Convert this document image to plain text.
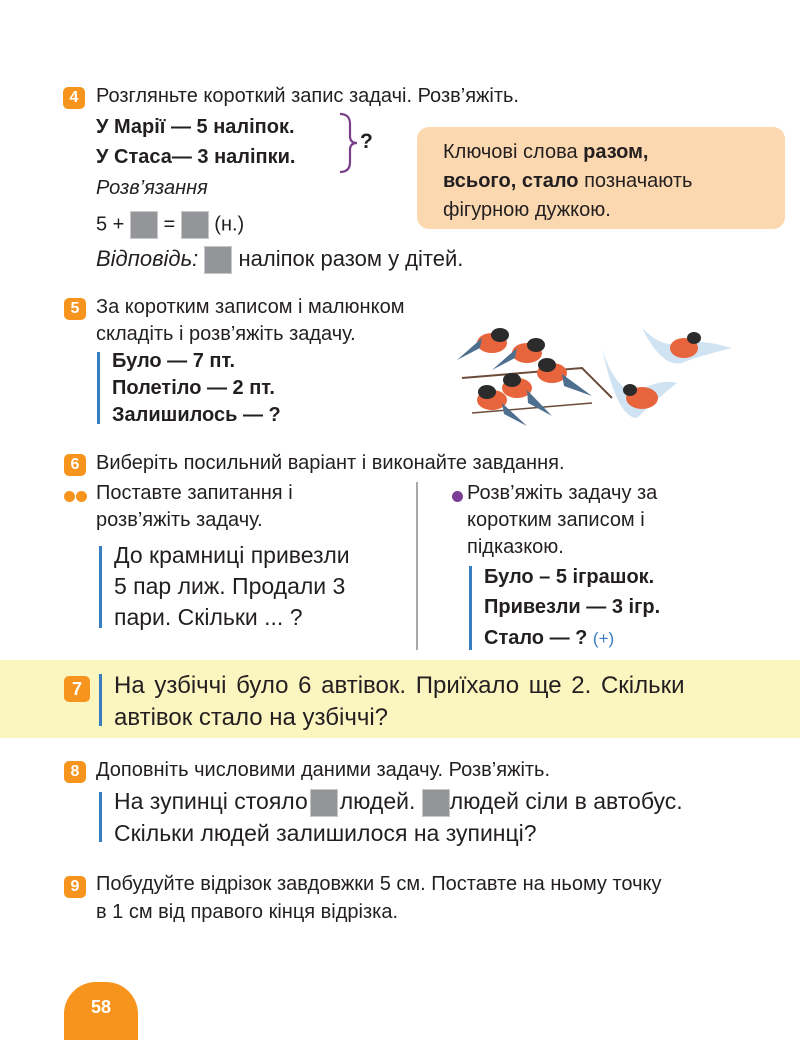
4 Розгляньте короткий запис задачі. Розв’яжіть.
У Марії — 5 наліпок.
У Стаса— 3 наліпки.
?	Ключові слова разом,
всього, стало позначають
фігурною дужкою.
Розв’язання
5 + = (н.)
Відповідь: наліпок разом у дітей.
5 За коротким записом і малюнком
складіть і розв’яжіть задачу.
Було — 7 пт.
Полетіло — 2 пт.
Залишилось — ?
6 Виберіть посильний варіант і виконайте завдання.
Поставте запитання і
розв’яжіть задачу.
До крамниці привезли
5 пар лиж. Продали 3
пари. Скільки ... ?
Розв’яжіть задачу за
коротким записом і
підказкою.
Було – 5 іграшок.
Привезли — 3 ігр.
Стало — ? (+)
7	На узбіччі було 6 автівок. Приїхало ще 2. Скільки
автівок стало на узбіччі?
8 Доповніть числовими даними задачу. Розв’яжіть.
На зупинці стояло людей. людей сіли в автобус.
Скільки людей залишилося на зупинці?
9 Побудуйте відрізок завдовжки 5 см. Поставте на ньому точку
в 1 см від правого кінця відрізка.
58
